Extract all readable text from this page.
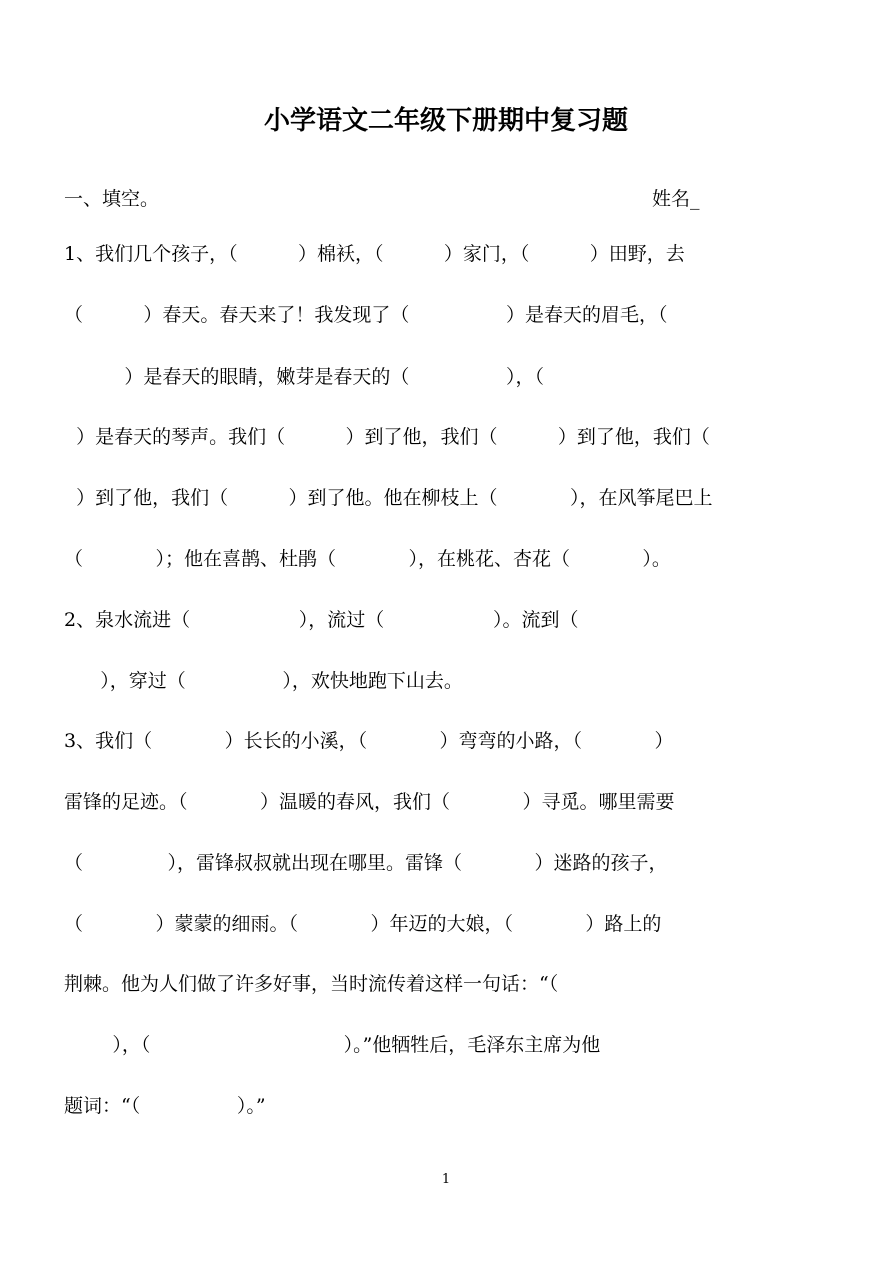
小学语文二年级下册期中复习题
一、填空。	姓名_
1、我们几个孩子，（          ）棉袄，（          ）家门，（          ）田野，去
（          ）春天。春天来了！我发现了（                ）是春天的眉毛，（
）是春天的眼睛，嫩芽是春天的（                ），（
）是春天的琴声。我们（          ）到了他，我们（          ）到了他，我们（
）到了他，我们（          ）到了他。他在柳枝上（            ），在风筝尾巴上
（            ）；他在喜鹊、杜鹃（            ），在桃花、杏花（            ）。
2、泉水流进（                  ），流过（                  ）。流到（
），穿过（                ），欢快地跑下山去。
3、我们（            ）长长的小溪，（            ）弯弯的小路，（            ）
雷锋的足迹。（            ）温暖的春风，我们（            ）寻觅。哪里需要
（              ），雷锋叔叔就出现在哪里。雷锋（            ）迷路的孩子，
（            ）蒙蒙的细雨。（            ）年迈的大娘，（            ）路上的
荆棘。他为人们做了许多好事，当时流传着这样一句话：“（
），（                                ）。”他牺牲后，毛泽东主席为他
题词：“（                ）。”
1
